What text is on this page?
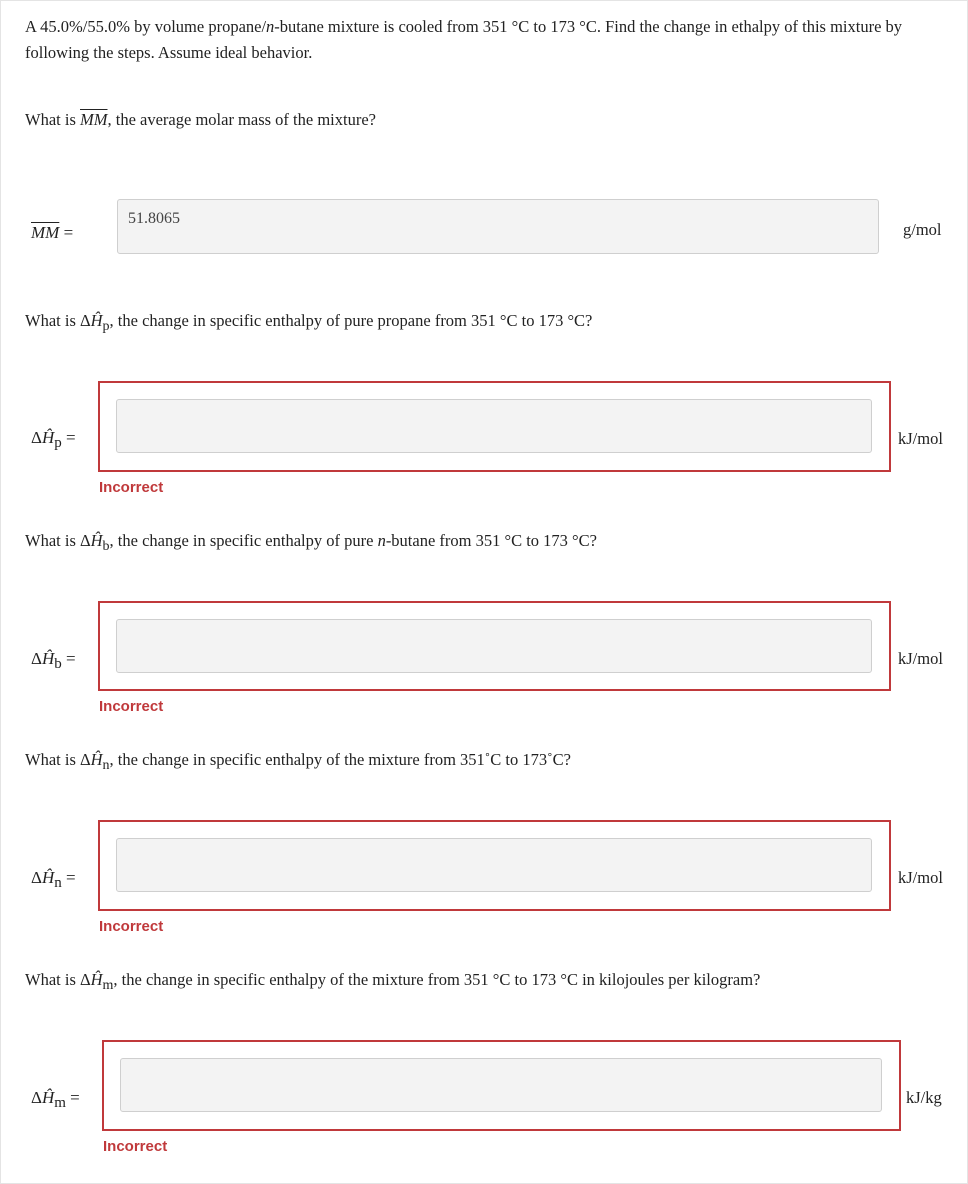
A 45.0%/55.0% by volume propane/n-butane mixture is cooled from 351 °C to 173 °C. Find the change in ethalpy of this mixture by following the steps. Assume ideal behavior.
What is $\overline{MM}$, the average molar mass of the mixture?
$\overline{MM}$ =
51.8065
g/mol
What is $\Delta Ĥ_p$, the change in specific enthalpy of pure propane from 351 °C to 173 °C?
$\Delta Ĥ_p$ =	kJ/mol
Incorrect
What is $\Delta Ĥ_b$, the change in specific enthalpy of pure n-butane from 351 °C to 173 °C?
$\Delta Ĥ_b$ =	kJ/mol
Incorrect
What is $\Delta Ĥ_n$, the change in specific enthalpy of the mixture from 351˚C to 173˚C?
$\Delta Ĥ_n$ =	kJ/mol
Incorrect
What is $\Delta Ĥ_m$, the change in specific enthalpy of the mixture from 351 °C to 173 °C in kilojoules per kilogram?
$\Delta Ĥ_m$ =	kJ/kg
Incorrect
